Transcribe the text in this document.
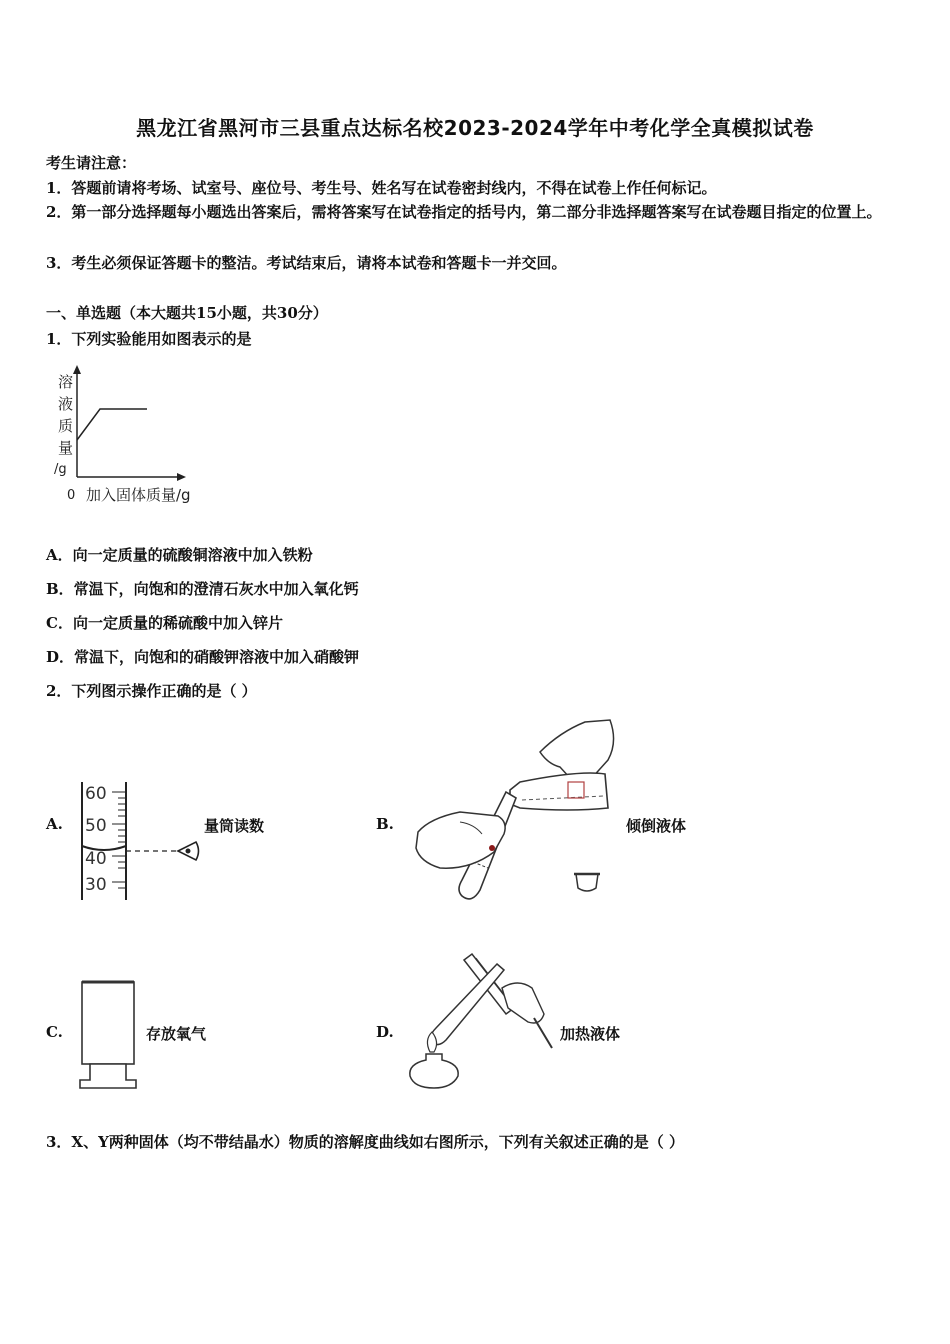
黑龙江省黑河市三县重点达标名校2023-2024学年中考化学全真模拟试卷
考生请注意：
1．答题前请将考场、试室号、座位号、考生号、姓名写在试卷密封线内，不得在试卷上作任何标记。
2．第一部分选择题每小题选出答案后，需将答案写在试卷指定的括号内，第二部分非选择题答案写在试卷题目指定的位置上。
3．考生必须保证答题卡的整洁。考试结束后，请将本试卷和答题卡一并交回。
一、单选题（本大题共15小题，共30分）
1．下列实验能用如图表示的是
溶
液
质
量
/g
0 加入固体质量/g
A．向一定质量的硫酸铜溶液中加入铁粉
B．常温下，向饱和的澄清石灰水中加入氧化钙
C．向一定质量的稀硫酸中加入锌片
D．常温下，向饱和的硝酸钾溶液中加入硝酸钾
2．下列图示操作正确的是（ ）
A.
60
50
40
30
量筒读数	B.	倾倒液体
C.	存放氧气	D.	加热液体
3．X、Y两种固体（均不带结晶水）物质的溶解度曲线如右图所示，下列有关叙述正确的是（ ）
